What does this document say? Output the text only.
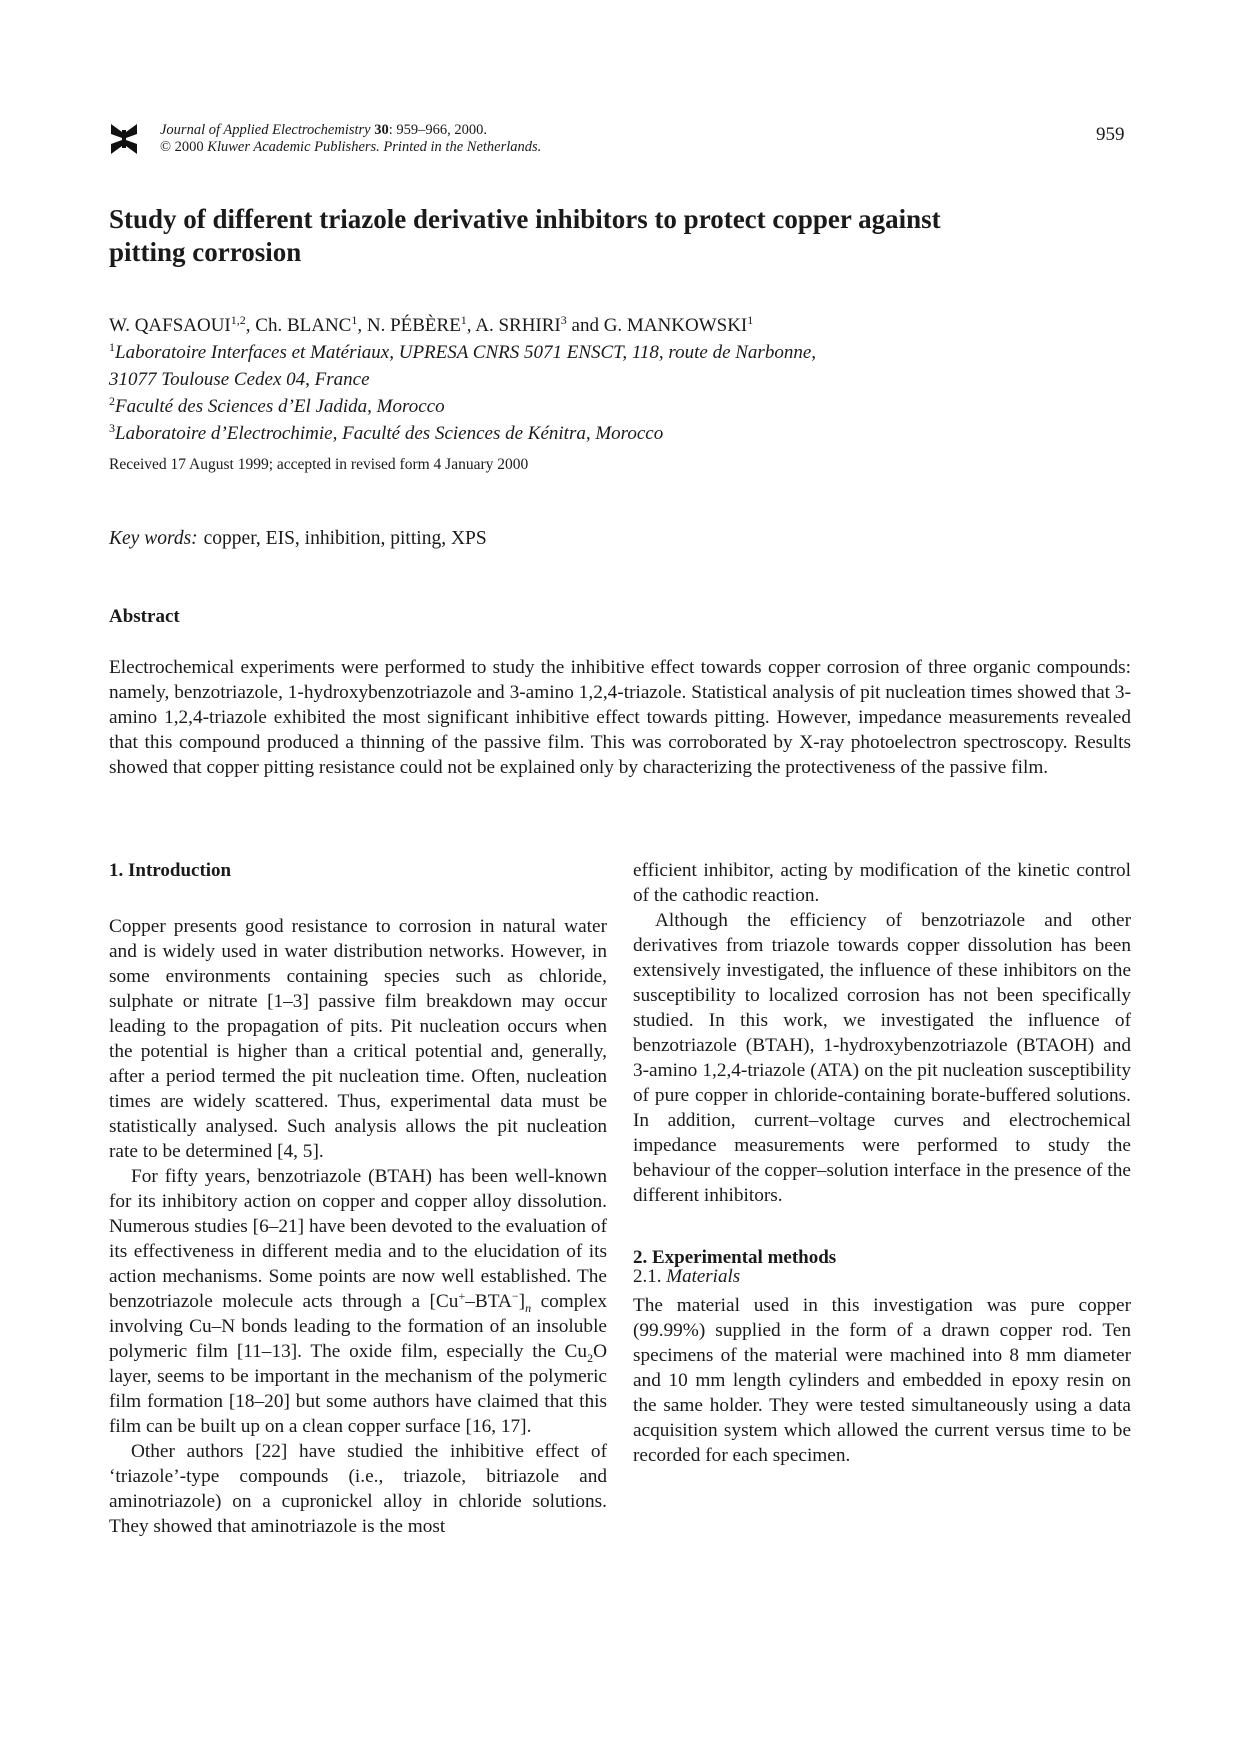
Journal of Applied Electrochemistry 30: 959–966, 2000.
© 2000 Kluwer Academic Publishers. Printed in the Netherlands.
959
Study of different triazole derivative inhibitors to protect copper against pitting corrosion
W. QAFSAOUI$^{1,2}$, Ch. BLANC$^1$, N. PÉBÈRE$^1$, A. SRHIRI$^3$ and G. MANKOWSKI$^1$
$^1$Laboratoire Interfaces et Matériaux, UPRESA CNRS 5071 ENSCT, 118, route de Narbonne,
31077 Toulouse Cedex 04, France
$^2$Faculté des Sciences d’El Jadida, Morocco
$^3$Laboratoire d’Electrochimie, Faculté des Sciences de Kénitra, Morocco
Received 17 August 1999; accepted in revised form 4 January 2000
Key words: copper, EIS, inhibition, pitting, XPS
Abstract
Electrochemical experiments were performed to study the inhibitive effect towards copper corrosion of three organic compounds: namely, benzotriazole, 1-hydroxybenzotriazole and 3-amino 1,2,4-triazole. Statistical analysis of pit nucleation times showed that 3-amino 1,2,4-triazole exhibited the most significant inhibitive effect towards pitting. However, impedance measurements revealed that this compound produced a thinning of the passive film. This was corroborated by X-ray photoelectron spectroscopy. Results showed that copper pitting resistance could not be explained only by characterizing the protectiveness of the passive film.

1. Introduction

Copper presents good resistance to corrosion in natural water and is widely used in water distribution networks. However, in some environments containing species such as chloride, sulphate or nitrate [1–3] passive film breakdown may occur leading to the propagation of pits. Pit nucleation occurs when the potential is higher than a critical potential and, generally, after a period termed the pit nucleation time. Often, nucleation times are widely scattered. Thus, experimental data must be statistically analysed. Such analysis allows the pit nucleation rate to be determined [4, 5].

For fifty years, benzotriazole (BTAH) has been well-known for its inhibitory action on copper and copper alloy dissolution. Numerous studies [6–21] have been devoted to the evaluation of its effectiveness in different media and to the elucidation of its action mechanisms. Some points are now well established. The benzotriazole molecule acts through a $[Cu^+-BTA^-]_n$ complex involving Cu–N bonds leading to the formation of an insoluble polymeric film [11–13]. The oxide film, especially the $Cu_2O$ layer, seems to be important in the mechanism of the polymeric film formation [18–20] but some authors have claimed that this film can be built up on a clean copper surface [16, 17].

Other authors [22] have studied the inhibitive effect of ‘triazole’-type compounds (i.e., triazole, bitriazole and aminotriazole) on a cupronickel alloy in chloride solutions. They showed that aminotriazole is the most

efficient inhibitor, acting by modification of the kinetic control of the cathodic reaction.

Although the efficiency of benzotriazole and other derivatives from triazole towards copper dissolution has been extensively investigated, the influence of these inhibitors on the susceptibility to localized corrosion has not been specifically studied. In this work, we investigated the influence of benzotriazole (BTAH), 1-hydroxybenzotriazole (BTAOH) and 3-amino 1,2,4-triazole (ATA) on the pit nucleation susceptibility of pure copper in chloride-containing borate-buffered solutions. In addition, current–voltage curves and electrochemical impedance measurements were performed to study the behaviour of the copper–solution interface in the presence of the different inhibitors.

2. Experimental methods

2.1. Materials

The material used in this investigation was pure copper (99.99%) supplied in the form of a drawn copper rod. Ten specimens of the material were machined into 8 mm diameter and 10 mm length cylinders and embedded in epoxy resin on the same holder. They were tested simultaneously using a data acquisition system which allowed the current versus time to be recorded for each specimen.
